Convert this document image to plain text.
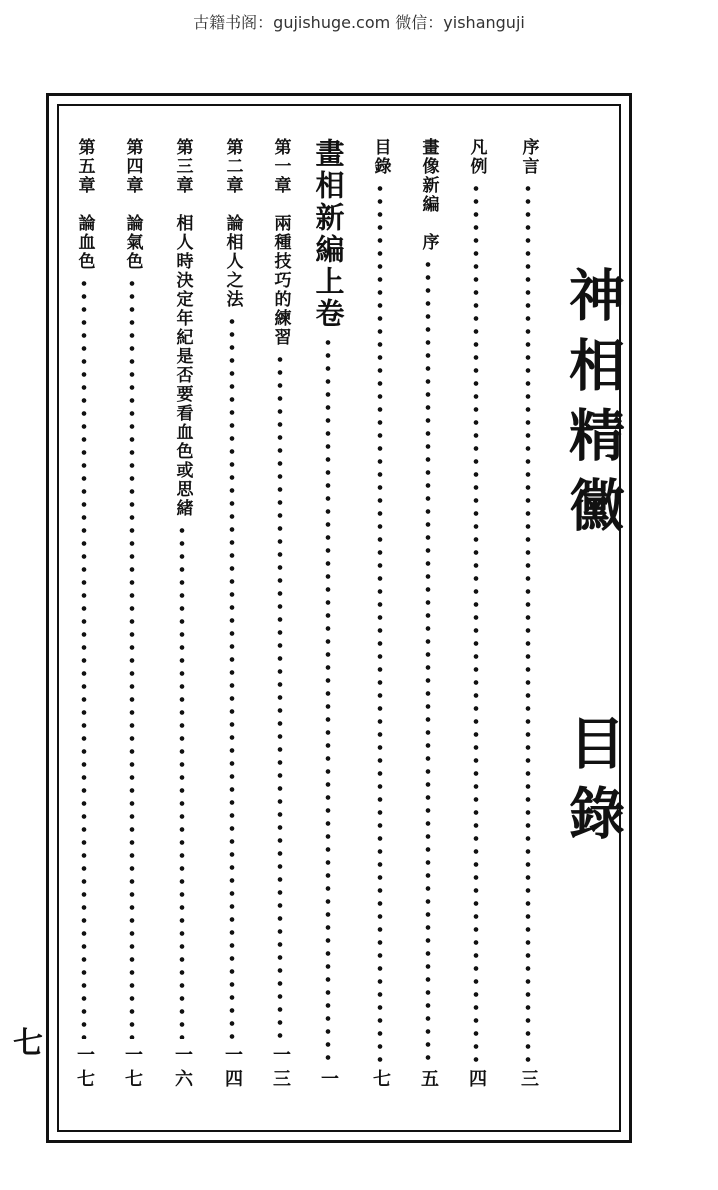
古籍书阁：gujishuge.com 微信：yishanguji
七
神相精黴
目錄
序言
三
凡例
四
畫像新編　序
五
目錄
七
畫相新編上卷
一
第一章　兩種技巧的練習
一三
第二章　論相人之法
一四
第三章　相人時決定年紀是否要看血色或思緒
一六
第四章　論氣色
一七
第五章　論血色
一七
